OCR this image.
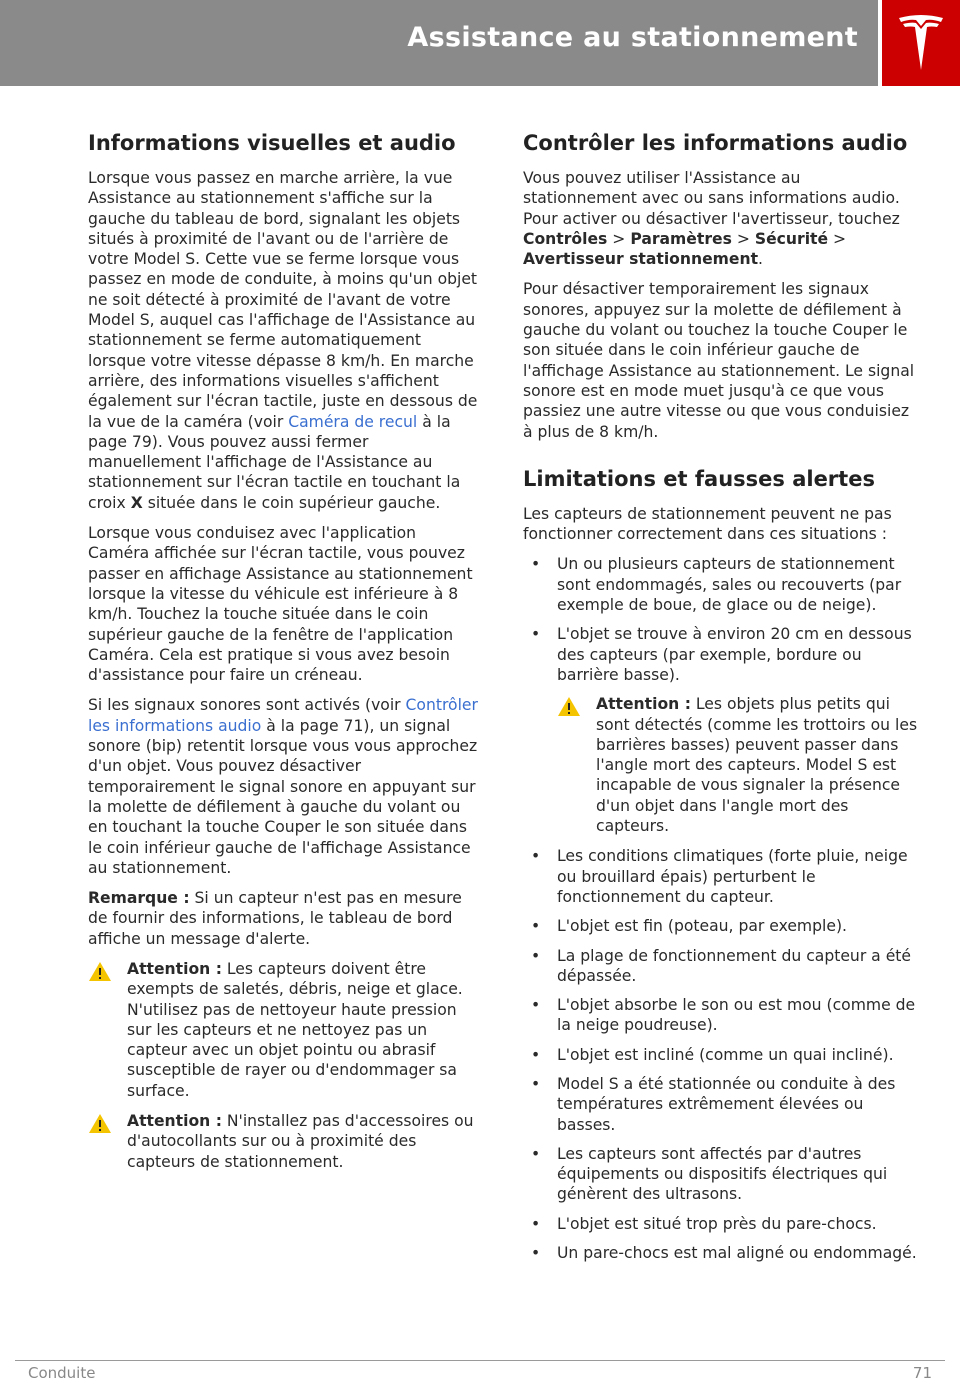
Assistance au stationnement
Informations visuelles et audio

Lorsque vous passez en marche arrière, la vue Assistance au stationnement s'affiche sur la gauche du tableau de bord, signalant les objets situés à proximité de l'avant ou de l'arrière de votre Model S. Cette vue se ferme lorsque vous passez en mode de conduite, à moins qu'un objet ne soit détecté à proximité de l'avant de votre Model S, auquel cas l'affichage de l'Assistance au stationnement se ferme automatiquement lorsque votre vitesse dépasse 8 km/h. En marche arrière, des informations visuelles s'affichent également sur l'écran tactile, juste en dessous de la vue de la caméra (voir Caméra de recul à la page 79). Vous pouvez aussi fermer manuellement l'affichage de l'Assistance au stationnement sur l'écran tactile en touchant la croix X située dans le coin supérieur gauche.

Lorsque vous conduisez avec l'application Caméra affichée sur l'écran tactile, vous pouvez passer en affichage Assistance au stationnement lorsque la vitesse du véhicule est inférieure à 8 km/h. Touchez la touche située dans le coin supérieur gauche de la fenêtre de l'application Caméra. Cela est pratique si vous avez besoin d'assistance pour faire un créneau.

Si les signaux sonores sont activés (voir Contrôler les informations audio à la page 71), un signal sonore (bip) retentit lorsque vous vous approchez d'un objet. Vous pouvez désactiver temporairement le signal sonore en appuyant sur la molette de défilement à gauche du volant ou en touchant la touche Couper le son située dans le coin inférieur gauche de l'affichage Assistance au stationnement.

Remarque : Si un capteur n'est pas en mesure de fournir des informations, le tableau de bord affiche un message d'alerte.

Attention : Les capteurs doivent être exempts de saletés, débris, neige et glace. N'utilisez pas de nettoyeur haute pression sur les capteurs et ne nettoyez pas un capteur avec un objet pointu ou abrasif susceptible de rayer ou d'endommager sa surface.
Attention : N'installez pas d'accessoires ou d'autocollants sur ou à proximité des capteurs de stationnement.
Contrôler les informations audio

Vous pouvez utiliser l'Assistance au stationnement avec ou sans informations audio. Pour activer ou désactiver l'avertisseur, touchez Contrôles > Paramètres > Sécurité > Avertisseur stationnement.

Pour désactiver temporairement les signaux sonores, appuyez sur la molette de défilement à gauche du volant ou touchez la touche Couper le son située dans le coin inférieur gauche de l'affichage Assistance au stationnement. Le signal sonore est en mode muet jusqu'à ce que vous passiez une autre vitesse ou que vous conduisiez à plus de 8 km/h.

Limitations et fausses alertes

Les capteurs de stationnement peuvent ne pas fonctionner correctement dans ces situations :

•	Un ou plusieurs capteurs de stationnement sont endommagés, sales ou recouverts (par exemple de boue, de glace ou de neige).
•	L'objet se trouve à environ 20 cm en dessous des capteurs (par exemple, bordure ou barrière basse).
Attention : Les objets plus petits qui sont détectés (comme les trottoirs ou les barrières basses) peuvent passer dans l'angle mort des capteurs. Model S est incapable de vous signaler la présence d'un objet dans l'angle mort des capteurs.
•	Les conditions climatiques (forte pluie, neige ou brouillard épais) perturbent le fonctionnement du capteur.
•	L'objet est fin (poteau, par exemple).
•	La plage de fonctionnement du capteur a été dépassée.
•	L'objet absorbe le son ou est mou (comme de la neige poudreuse).
•	L'objet est incliné (comme un quai incliné).
•	Model S a été stationnée ou conduite à des températures extrêmement élevées ou basses.
•	Les capteurs sont affectés par d'autres équipements ou dispositifs électriques qui génèrent des ultrasons.
•	L'objet est situé trop près du pare-chocs.
•	Un pare-chocs est mal aligné ou endommagé.
Conduite	71
